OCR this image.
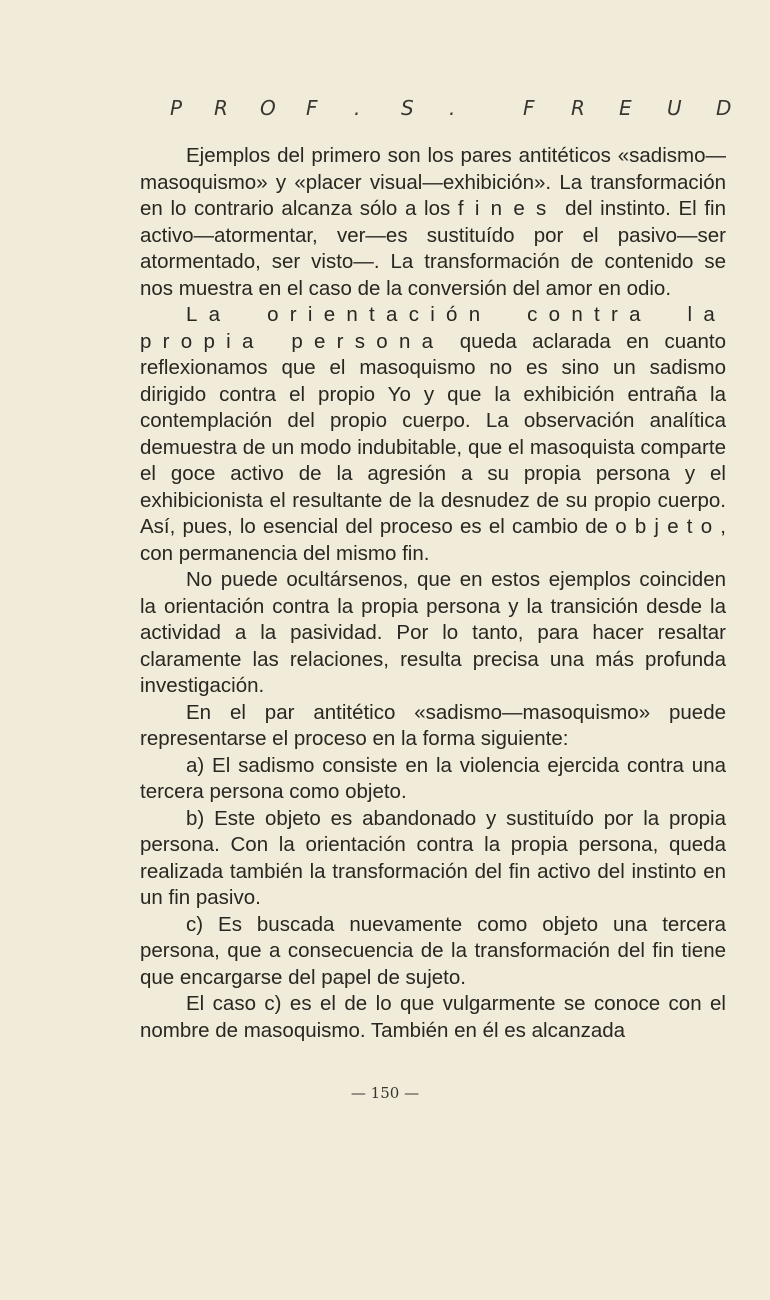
P R O F . S .	F R E U D

Ejemplos del primero son los pares antitéticos «sadismo—masoquismo» y «placer visual—exhibición». La transformación en lo contrario alcanza sólo a los fines del instinto. El fin activo—atormentar, ver—es sustituído por el pasivo—ser atormentado, ser visto—. La transformación de contenido se nos muestra en el caso de la conversión del amor en odio.

La orientación contra la propia persona queda aclarada en cuanto reflexionamos que el masoquismo no es sino un sadismo dirigido contra el propio Yo y que la exhibición entraña la contemplación del propio cuerpo. La observación analítica demuestra de un modo indubitable, que el masoquista comparte el goce activo de la agresión a su propia persona y el exhibicionista el resultante de la desnudez de su propio cuerpo. Así, pues, lo esencial del proceso es el cambio de objeto, con permanencia del mismo fin.

No puede ocultársenos, que en estos ejemplos coinciden la orientación contra la propia persona y la transición desde la actividad a la pasividad. Por lo tanto, para hacer resaltar claramente las relaciones, resulta precisa una más profunda investigación.

En el par antitético «sadismo—masoquismo» puede representarse el proceso en la forma siguiente:

a) El sadismo consiste en la violencia ejercida contra una tercera persona como objeto.

b) Este objeto es abandonado y sustituído por la propia persona. Con la orientación contra la propia persona, queda realizada también la transformación del fin activo del instinto en un fin pasivo.

c) Es buscada nuevamente como objeto una tercera persona, que a consecuencia de la transformación del fin tiene que encargarse del papel de sujeto.

El caso c) es el de lo que vulgarmente se conoce con el nombre de masoquismo. También en él es alcanzada

— 150 —
